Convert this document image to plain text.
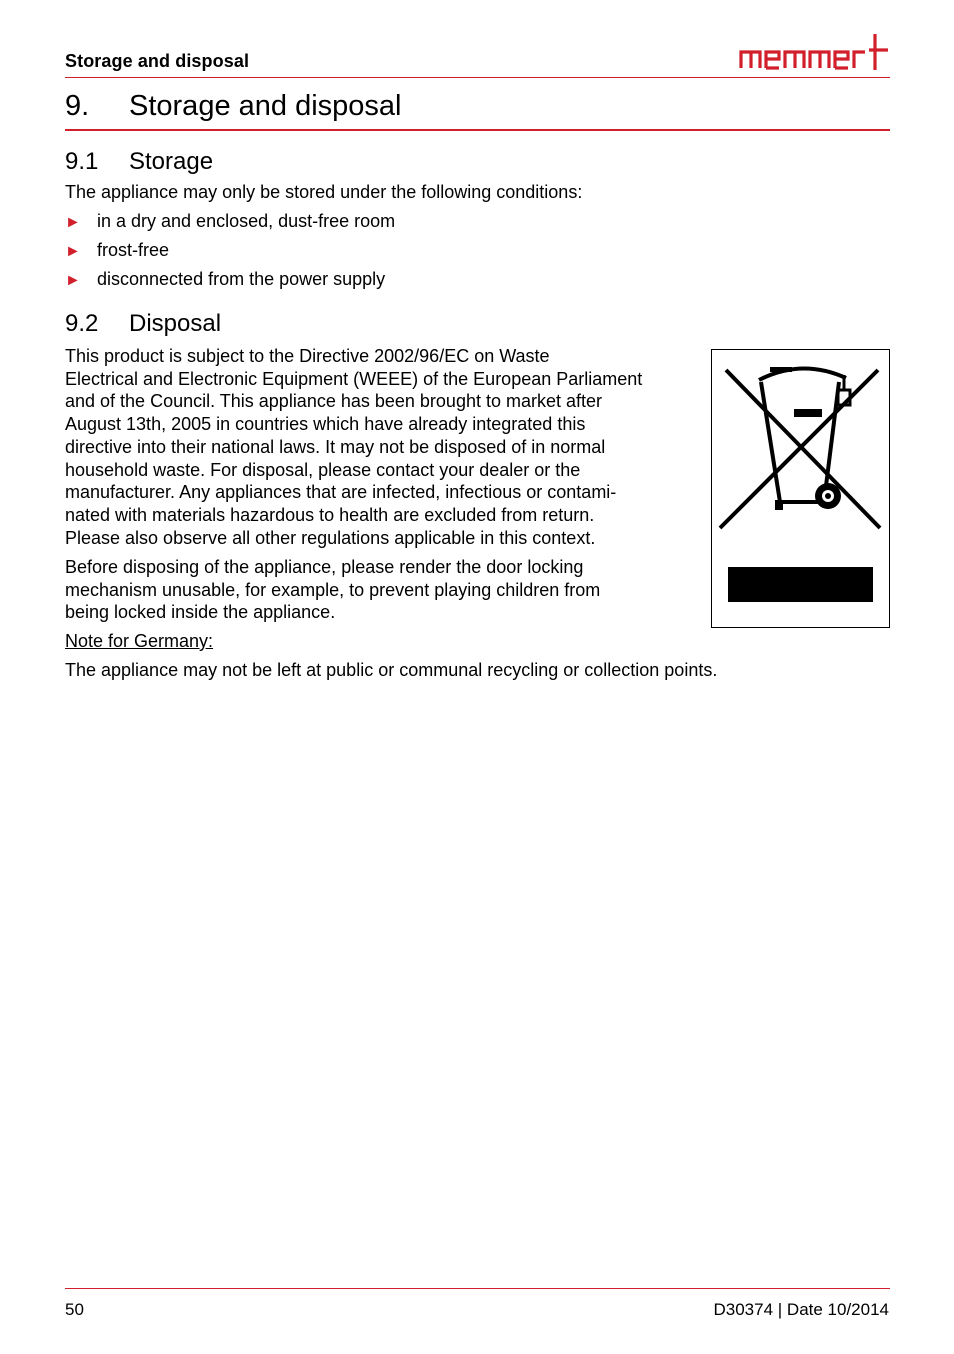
Storage and disposal
9. Storage and disposal
9.1 Storage

The appliance may only be stored under the following conditions:

► in a dry and enclosed, dust-free room
► frost-free
► disconnected from the power supply
9.2 Disposal
This product is subject to the Directive 2002/96/EC on Waste
Electrical and Electronic Equipment (WEEE) of the European Parliament
and of the Council. This appliance has been brought to market after
August 13th, 2005 in countries which have already integrated this
directive into their national laws. It may not be disposed of in normal
household waste. For disposal, please contact your dealer or the
manufacturer. Any appliances that are infected, infectious or contami-
nated with materials hazardous to health are excluded from return.
Please also observe all other regulations applicable in this context.
Before disposing of the appliance, please render the door locking
mechanism unusable, for example, to prevent playing children from
being locked inside the appliance.

Note for Germany:

The appliance may not be left at public or communal recycling or collection points.

50	D30374 | Date 10/2014
